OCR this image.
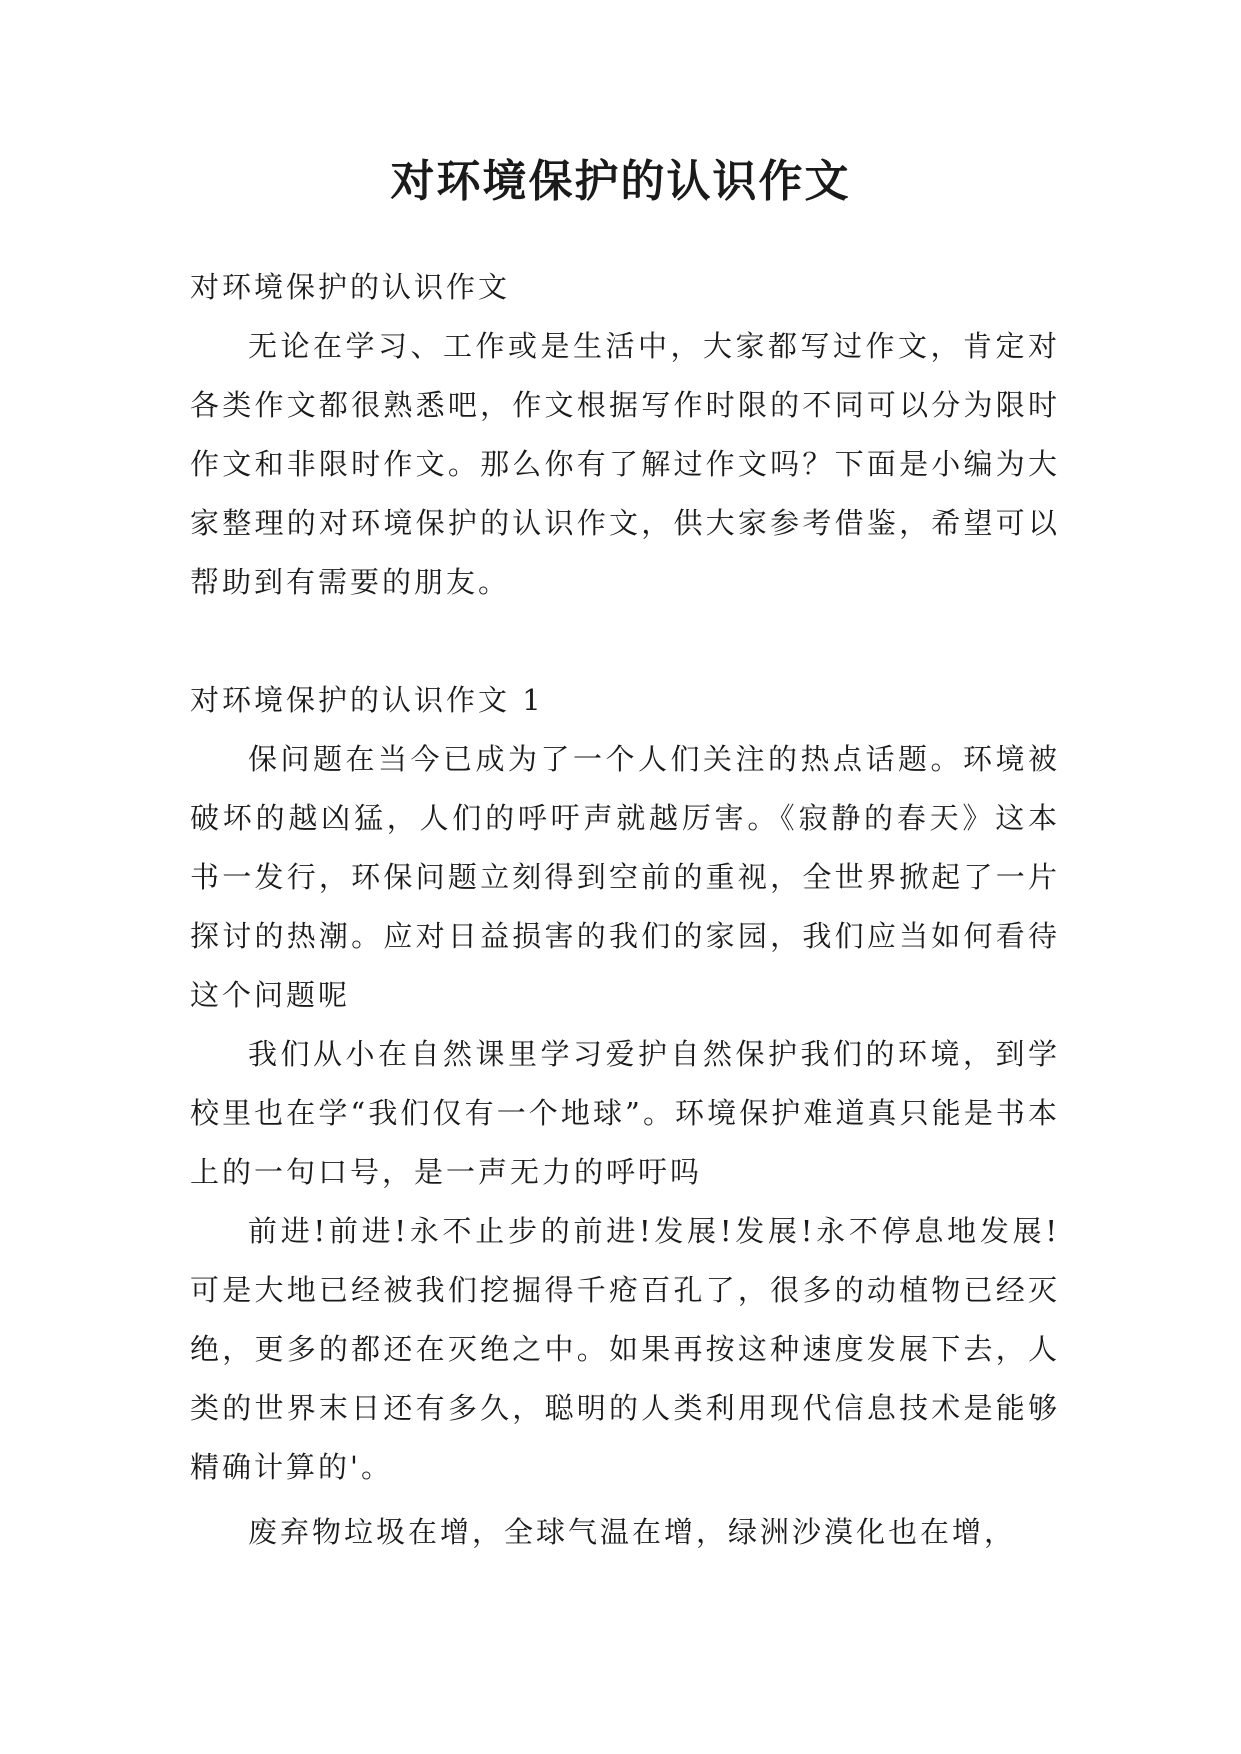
对环境保护的认识作文

对环境保护的认识作文

无论在学习、工作或是生活中，大家都写过作文，肯定对各类作文都很熟悉吧，作文根据写作时限的不同可以分为限时作文和非限时作文。那么你有了解过作文吗？下面是小编为大家整理的对环境保护的认识作文，供大家参考借鉴，希望可以帮助到有需要的朋友。

对环境保护的认识作文 1

保问题在当今已成为了一个人们关注的热点话题。环境被破坏的越凶猛，人们的呼吁声就越厉害。《寂静的春天》这本书一发行，环保问题立刻得到空前的重视，全世界掀起了一片探讨的热潮。应对日益损害的我们的家园，我们应当如何看待这个问题呢

我们从小在自然课里学习爱护自然保护我们的环境，到学校里也在学“我们仅有一个地球”。环境保护难道真只能是书本上的一句口号，是一声无力的呼吁吗

前进!前进!永不止步的前进!发展!发展!永不停息地发展!可是大地已经被我们挖掘得千疮百孔了，很多的动植物已经灭绝，更多的都还在灭绝之中。如果再按这种速度发展下去，人类的世界末日还有多久，聪明的人类利用现代信息技术是能够精确计算的'。

废弃物垃圾在增，全球气温在增，绿洲沙漠化也在增，
